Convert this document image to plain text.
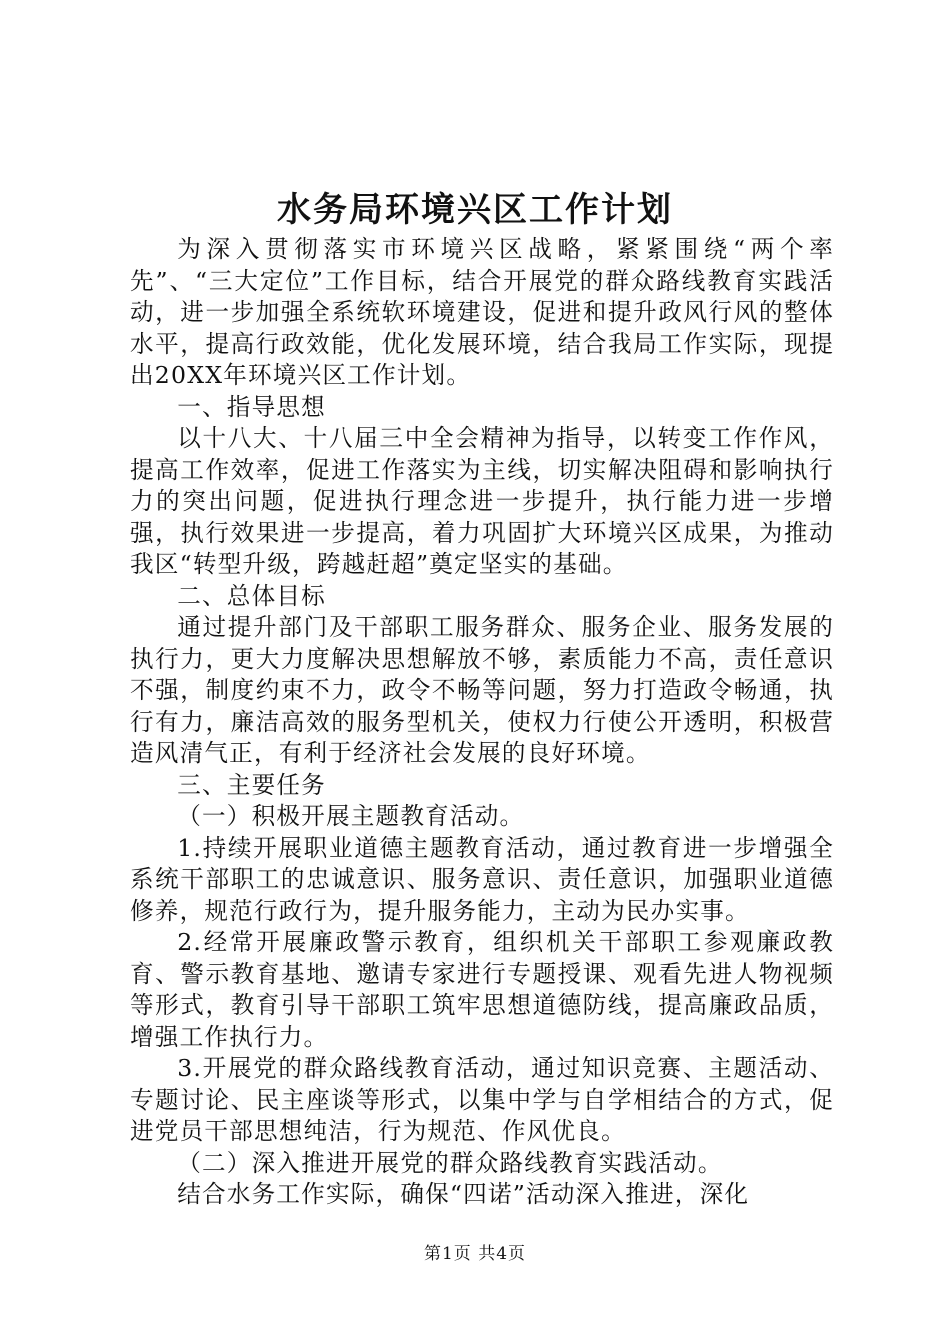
水务局环境兴区工作计划

为深入贯彻落实市环境兴区战略，紧紧围绕“两个率先”、“三大定位”工作目标，结合开展党的群众路线教育实践活动，进一步加强全系统软环境建设，促进和提升政风行风的整体水平，提高行政效能，优化发展环境，结合我局工作实际，现提出20XX年环境兴区工作计划。

一、指导思想

以十八大、十八届三中全会精神为指导，以转变工作作风，提高工作效率，促进工作落实为主线，切实解决阻碍和影响执行力的突出问题，促进执行理念进一步提升，执行能力进一步增强，执行效果进一步提高，着力巩固扩大环境兴区成果，为推动我区“转型升级，跨越赶超”奠定坚实的基础。

二、总体目标

通过提升部门及干部职工服务群众、服务企业、服务发展的执行力，更大力度解决思想解放不够，素质能力不高，责任意识不强，制度约束不力，政令不畅等问题，努力打造政令畅通，执行有力，廉洁高效的服务型机关，使权力行使公开透明，积极营造风清气正，有利于经济社会发展的良好环境。

三、主要任务

（一）积极开展主题教育活动。

1.持续开展职业道德主题教育活动，通过教育进一步增强全系统干部职工的忠诚意识、服务意识、责任意识，加强职业道德修养，规范行政行为，提升服务能力，主动为民办实事。

2.经常开展廉政警示教育，组织机关干部职工参观廉政教育、警示教育基地、邀请专家进行专题授课、观看先进人物视频等形式，教育引导干部职工筑牢思想道德防线，提高廉政品质，增强工作执行力。

3.开展党的群众路线教育活动，通过知识竞赛、主题活动、专题讨论、民主座谈等形式，以集中学与自学相结合的方式，促进党员干部思想纯洁，行为规范、作风优良。

（二）深入推进开展党的群众路线教育实践活动。

结合水务工作实际，确保“四诺”活动深入推进，深化

第1页 共4页
